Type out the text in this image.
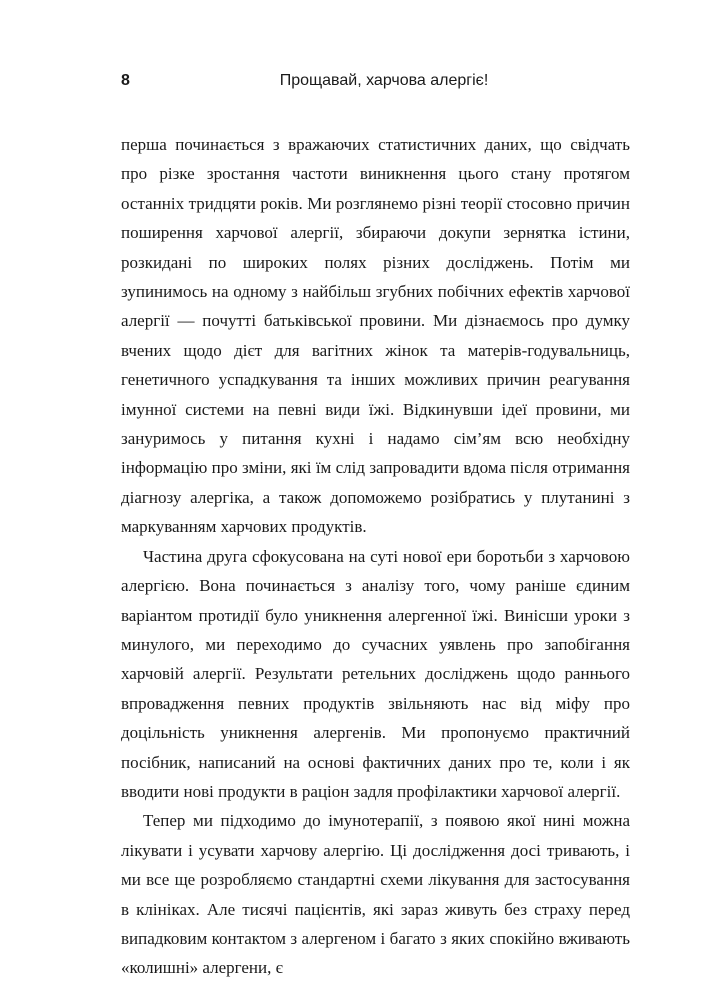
8	Прощавай, харчова алергіє!

перша починається з вражаючих статистичних даних, що свідчать про різке зростання частоти виникнення цього стану протягом останніх тридцяти років. Ми розглянемо різні теорії стосовно причин поширення харчової алергії, збираючи докупи зернятка істини, розкидані по широких полях різних досліджень. Потім ми зупинимось на одному з найбільш згубних побічних ефектів харчової алергії — почутті батьківської провини. Ми дізнаємось про думку вчених щодо дієт для вагітних жінок та матерів-годувальниць, генетичного успадкування та інших можливих причин реагування імунної системи на певні види їжі. Відкинувши ідеї провини, ми зануримось у питання кухні і надамо сім’ям всю необхідну інформацію про зміни, які їм слід запровадити вдома після отримання діагнозу алергіка, а також допоможемо розібратись у плутанині з маркуванням харчових продуктів.

Частина друга сфокусована на суті нової ери боротьби з харчовою алергією. Вона починається з аналізу того, чому раніше єдиним варіантом протидії було уникнення алергенної їжі. Винісши уроки з минулого, ми переходимо до сучасних уявлень про запобігання харчовій алергії. Результати ретельних досліджень щодо раннього впровадження певних продуктів звільняють нас від міфу про доцільність уникнення алергенів. Ми пропонуємо практичний посібник, написаний на основі фактичних даних про те, коли і як вводити нові продукти в раціон задля профілактики харчової алергії.

Тепер ми підходимо до імунотерапії, з появою якої нині можна лікувати і усувати харчову алергію. Ці дослідження досі тривають, і ми все ще розробляємо стандартні схеми лікування для застосування в клініках. Але тисячі пацієнтів, які зараз живуть без страху перед випадковим контактом з алергеном і багато з яких спокійно вживають «колишні» алергени, є
